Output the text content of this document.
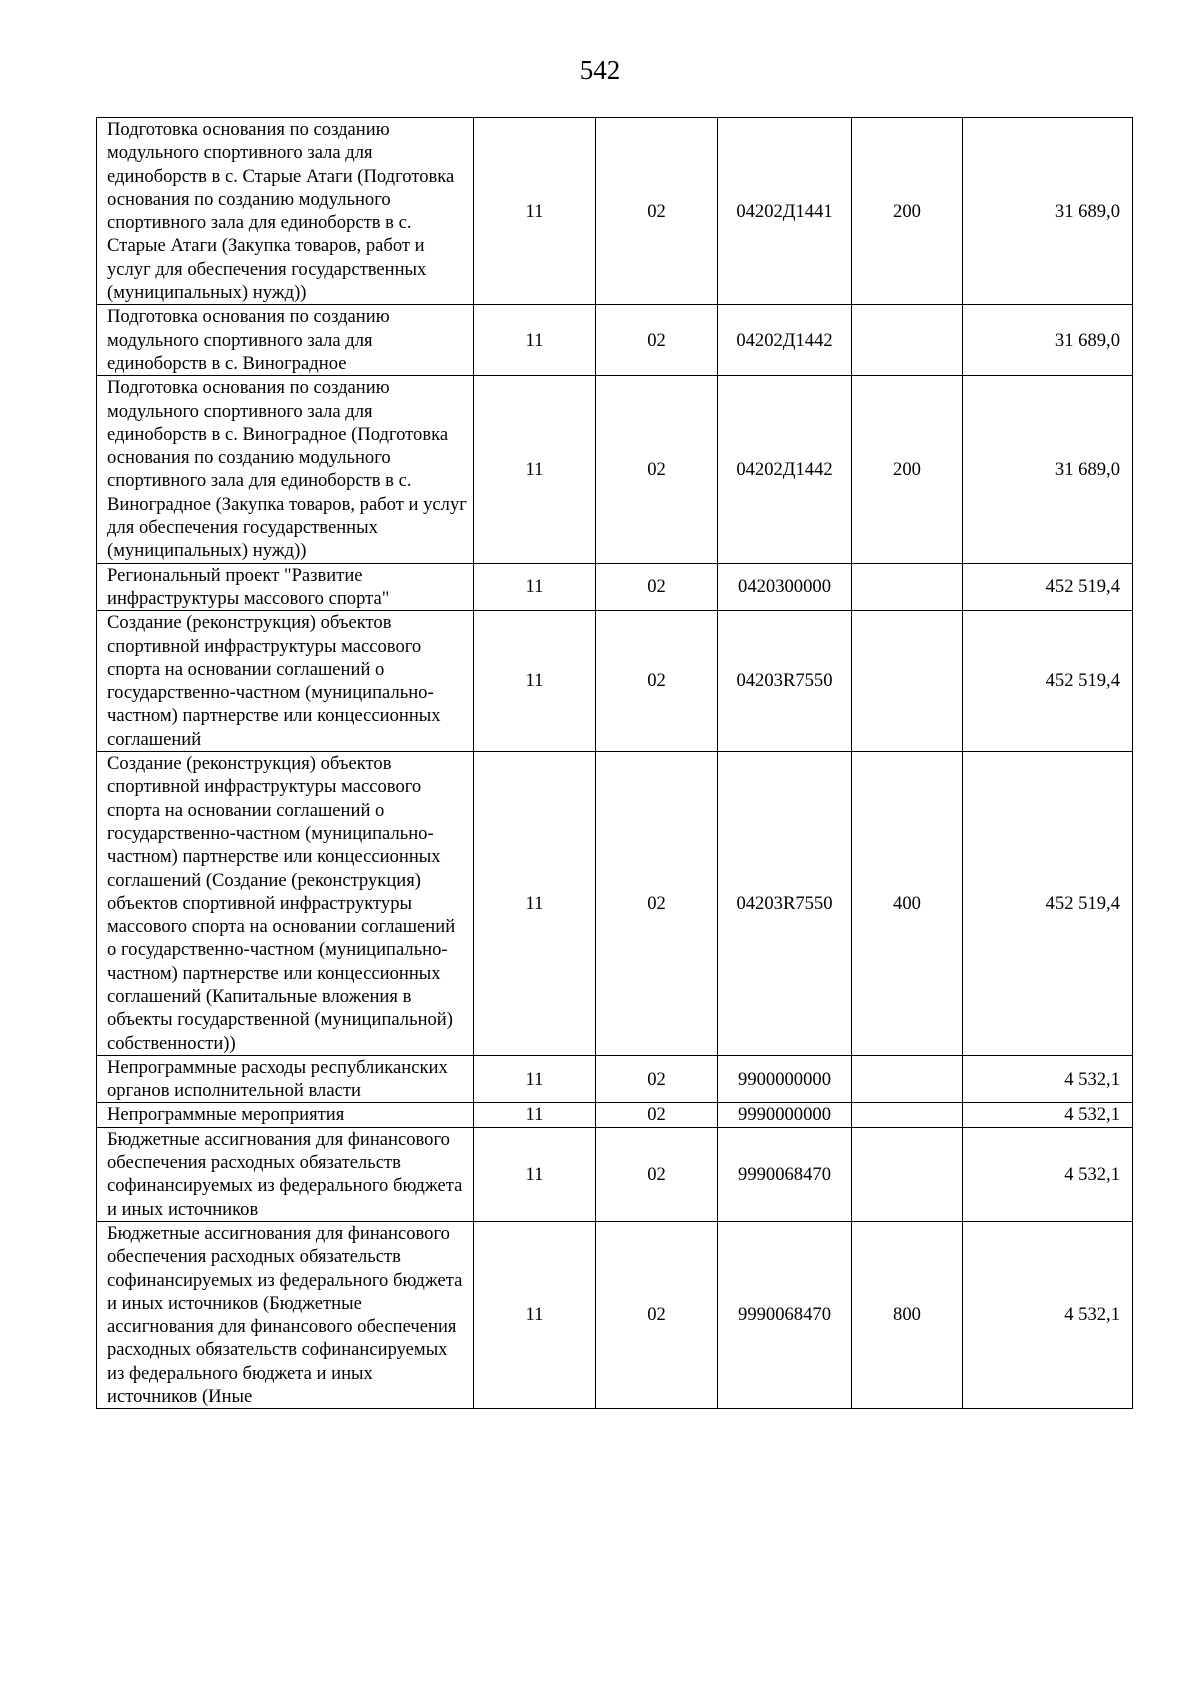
542
Подготовка основания по созданию модульного спортивного зала для единоборств в с. Старые Атаги (Подготовка основания по созданию модульного спортивного зала для единоборств в с. Старые Атаги (Закупка товаров, работ и услуг для обеспечения государственных (муниципальных) нужд))	11	02	04202Д1441	200	31 689,0
Подготовка основания по созданию модульного спортивного зала для единоборств в с. Виноградное	11	02	04202Д1442		31 689,0
Подготовка основания по созданию модульного спортивного зала для единоборств в с. Виноградное (Подготовка основания по созданию модульного спортивного зала для единоборств в с. Виноградное (Закупка товаров, работ и услуг для обеспечения государственных (муниципальных) нужд))	11	02	04202Д1442	200	31 689,0
Региональный проект "Развитие инфраструктуры массового спорта"	11	02	0420300000		452 519,4
Создание (реконструкция) объектов спортивной инфраструктуры массового спорта на основании соглашений о государственно-частном (муниципально-частном) партнерстве или концессионных соглашений	11	02	04203R7550		452 519,4
Создание (реконструкция) объектов спортивной инфраструктуры массового спорта на основании соглашений о государственно-частном (муниципально-частном) партнерстве или концессионных соглашений (Создание (реконструкция) объектов спортивной инфраструктуры массового спорта на основании соглашений о государственно-частном (муниципально-частном) партнерстве или концессионных соглашений (Капитальные вложения в объекты государственной (муниципальной) собственности))	11	02	04203R7550	400	452 519,4
Непрограммные расходы республиканских органов исполнительной власти	11	02	9900000000		4 532,1
Непрограммные мероприятия	11	02	9990000000		4 532,1
Бюджетные ассигнования для финансового обеспечения расходных обязательств софинансируемых из федерального бюджета и иных источников	11	02	9990068470		4 532,1
Бюджетные ассигнования для финансового обеспечения расходных обязательств софинансируемых из федерального бюджета и иных источников (Бюджетные ассигнования для финансового обеспечения расходных обязательств софинансируемых из федерального бюджета и иных источников (Иные	11	02	9990068470	800	4 532,1
